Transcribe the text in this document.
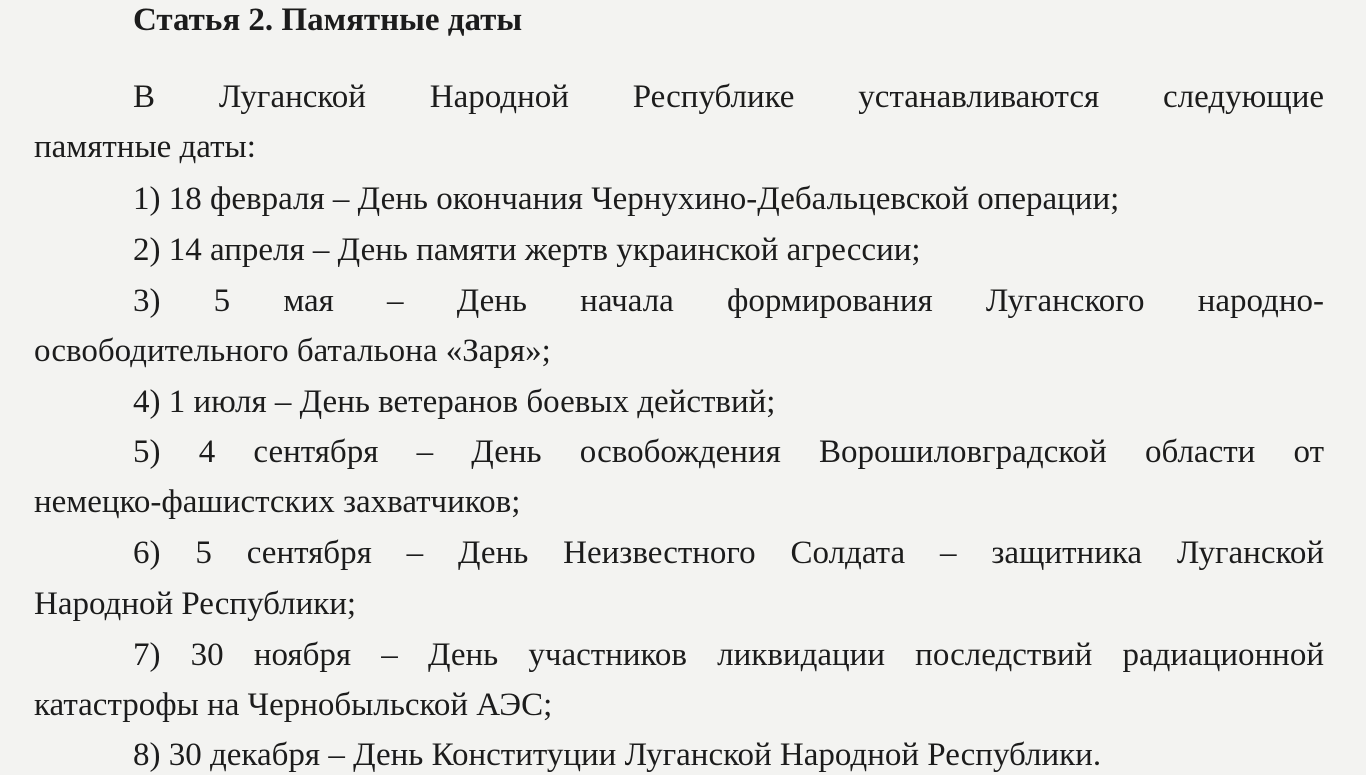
Статья 2. Памятные даты
В Луганской Народной Республике устанавливаются следующие
памятные даты:
1) 18 февраля – День окончания Чернухино-Дебальцевской операции;
2) 14 апреля – День памяти жертв украинской агрессии;
3) 5 мая – День начала формирования Луганского народно-
освободительного батальона «Заря»;
4) 1 июля – День ветеранов боевых действий;
5) 4 сентября – День освобождения Ворошиловградской области от
немецко-фашистских захватчиков;
6) 5 сентября – День Неизвестного Солдата – защитника Луганской
Народной Республики;
7) 30 ноября – День участников ликвидации последствий радиационной
катастрофы на Чернобыльской АЭС;
8) 30 декабря – День Конституции Луганской Народной Республики.
